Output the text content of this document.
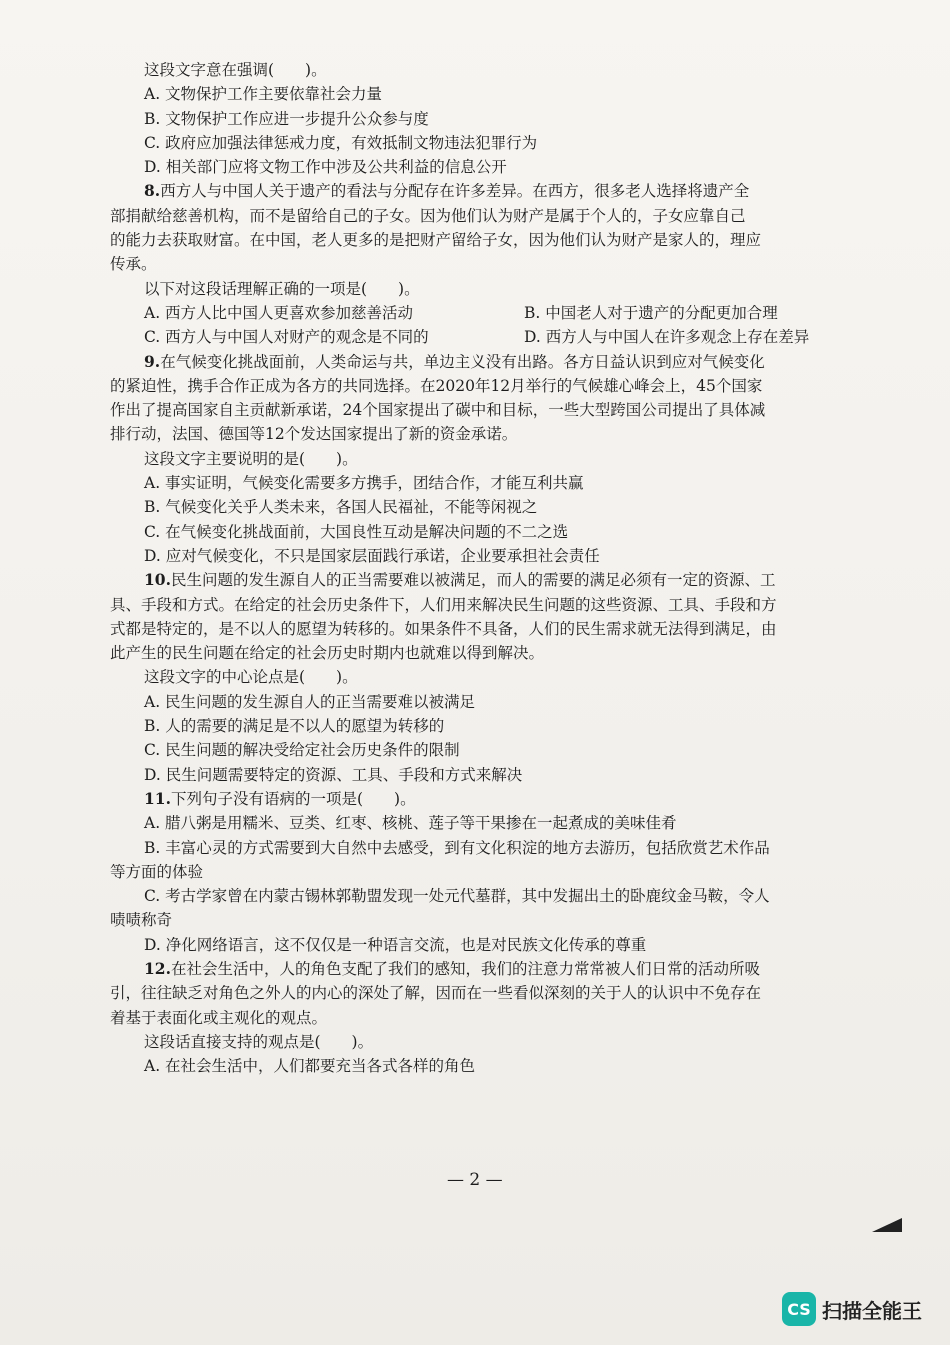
这段文字意在强调(　　)。
A. 文物保护工作主要依靠社会力量
B. 文物保护工作应进一步提升公众参与度
C. 政府应加强法律惩戒力度，有效抵制文物违法犯罪行为
D. 相关部门应将文物工作中涉及公共利益的信息公开
8.西方人与中国人关于遗产的看法与分配存在许多差异。在西方，很多老人选择将遗产全
部捐献给慈善机构，而不是留给自己的子女。因为他们认为财产是属于个人的，子女应靠自己
的能力去获取财富。在中国，老人更多的是把财产留给子女，因为他们认为财产是家人的，理应
传承。
以下对这段话理解正确的一项是(　　)。
A. 西方人比中国人更喜欢参加慈善活动	B. 中国老人对于遗产的分配更加合理
C. 西方人与中国人对财产的观念是不同的	D. 西方人与中国人在许多观念上存在差异
9.在气候变化挑战面前，人类命运与共，单边主义没有出路。各方日益认识到应对气候变化
的紧迫性，携手合作正成为各方的共同选择。在2020年12月举行的气候雄心峰会上，45个国家
作出了提高国家自主贡献新承诺，24个国家提出了碳中和目标，一些大型跨国公司提出了具体减
排行动，法国、德国等12个发达国家提出了新的资金承诺。
这段文字主要说明的是(　　)。
A. 事实证明，气候变化需要多方携手，团结合作，才能互利共赢
B. 气候变化关乎人类未来，各国人民福祉，不能等闲视之
C. 在气候变化挑战面前，大国良性互动是解决问题的不二之选
D. 应对气候变化，不只是国家层面践行承诺，企业要承担社会责任
10.民生问题的发生源自人的正当需要难以被满足，而人的需要的满足必须有一定的资源、工
具、手段和方式。在给定的社会历史条件下，人们用来解决民生问题的这些资源、工具、手段和方
式都是特定的，是不以人的愿望为转移的。如果条件不具备，人们的民生需求就无法得到满足，由
此产生的民生问题在给定的社会历史时期内也就难以得到解决。
这段文字的中心论点是(　　)。
A. 民生问题的发生源自人的正当需要难以被满足
B. 人的需要的满足是不以人的愿望为转移的
C. 民生问题的解决受给定社会历史条件的限制
D. 民生问题需要特定的资源、工具、手段和方式来解决
11.下列句子没有语病的一项是(　　)。
A. 腊八粥是用糯米、豆类、红枣、核桃、莲子等干果掺在一起煮成的美味佳肴
B. 丰富心灵的方式需要到大自然中去感受，到有文化积淀的地方去游历，包括欣赏艺术作品
等方面的体验
C. 考古学家曾在内蒙古锡林郭勒盟发现一处元代墓群，其中发掘出土的卧鹿纹金马鞍，令人
啧啧称奇
D. 净化网络语言，这不仅仅是一种语言交流，也是对民族文化传承的尊重
12.在社会生活中，人的角色支配了我们的感知，我们的注意力常常被人们日常的活动所吸
引，往往缺乏对角色之外人的内心的深处了解，因而在一些看似深刻的关于人的认识中不免存在
着基于表面化或主观化的观点。
这段话直接支持的观点是(　　)。
A. 在社会生活中，人们都要充当各式各样的角色
— 2 —
CS 扫描全能王
